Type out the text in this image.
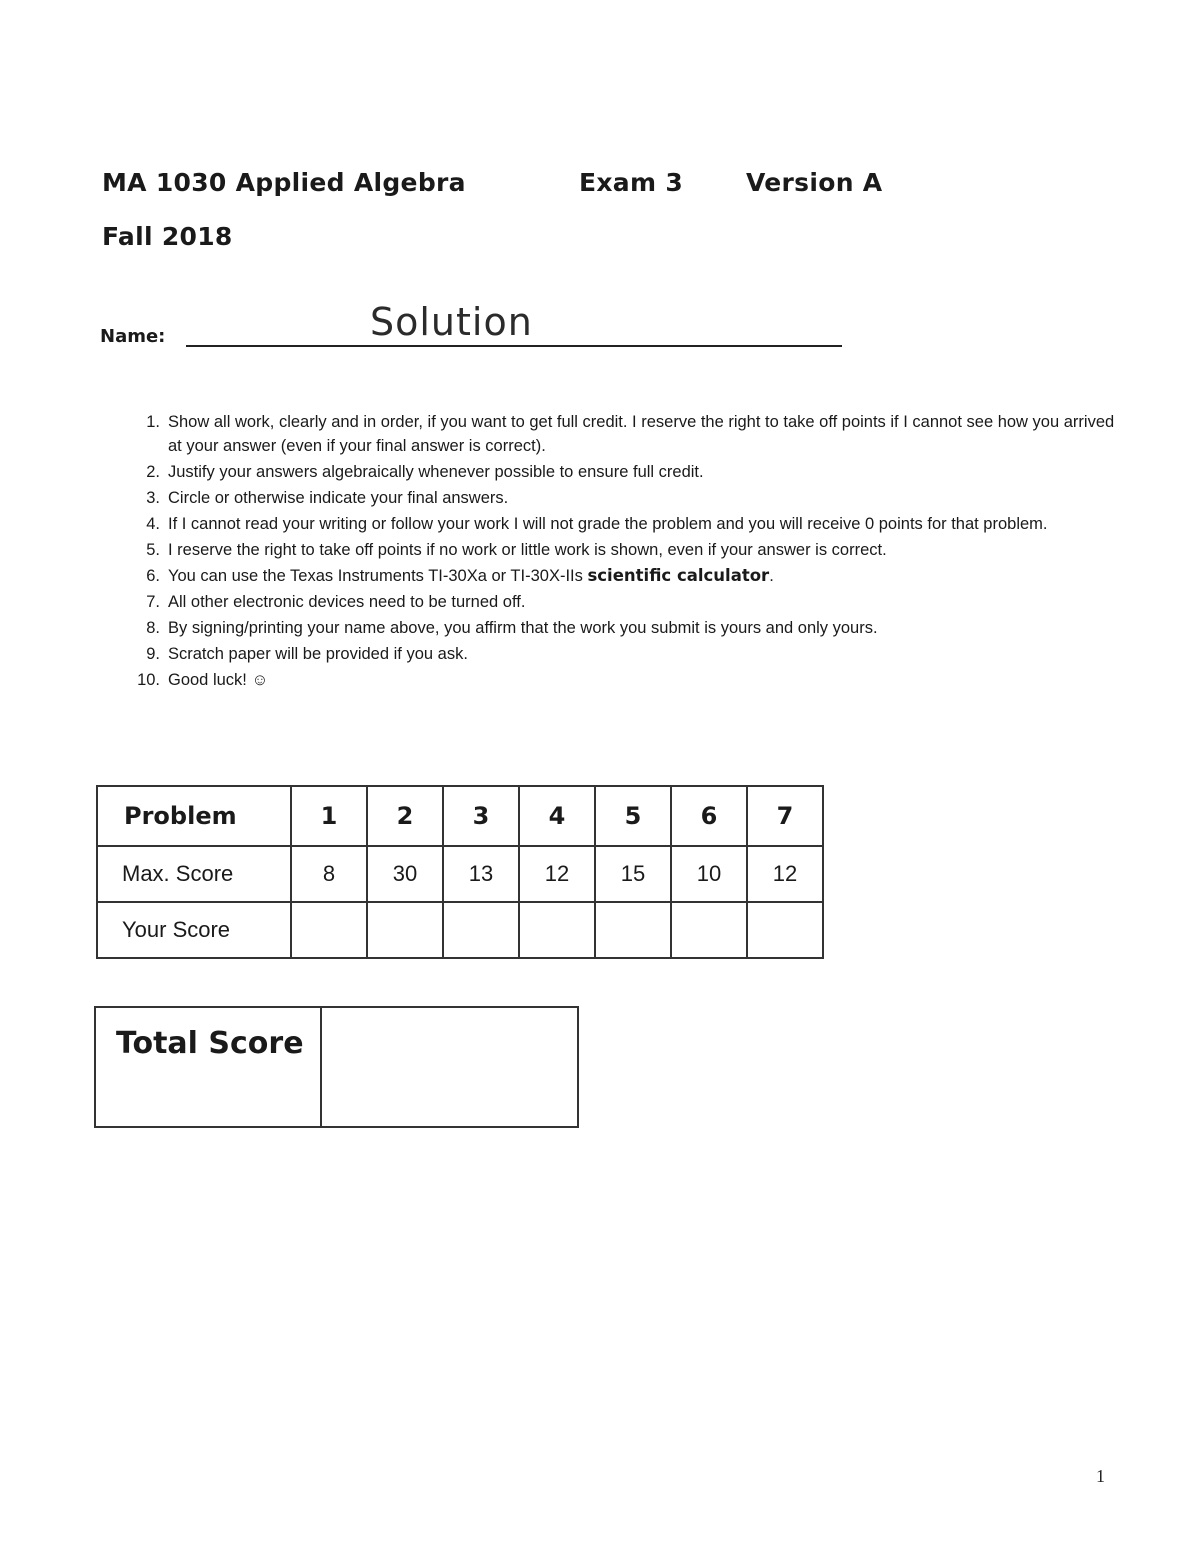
MA 1030 Applied Algebra	Exam 3	Version A
Fall 2018
Name:	Solution
1. Show all work, clearly and in order, if you want to get full credit. I reserve the right to take off points if I cannot see how you arrived at your answer (even if your final answer is correct).
2. Justify your answers algebraically whenever possible to ensure full credit.
3. Circle or otherwise indicate your final answers.
4. If I cannot read your writing or follow your work I will not grade the problem and you will receive 0 points for that problem.
5. I reserve the right to take off points if no work or little work is shown, even if your answer is correct.
6. You can use the Texas Instruments TI-30Xa or TI-30X-IIs scientific calculator.
7. All other electronic devices need to be turned off.
8. By signing/printing your name above, you affirm that the work you submit is yours and only yours.
9. Scratch paper will be provided if you ask.
10. Good luck! ☺
Problem	1	2	3	4	5	6	7
Max. Score	8	30	13	12	15	10	12
Your Score							
Total Score	
1
